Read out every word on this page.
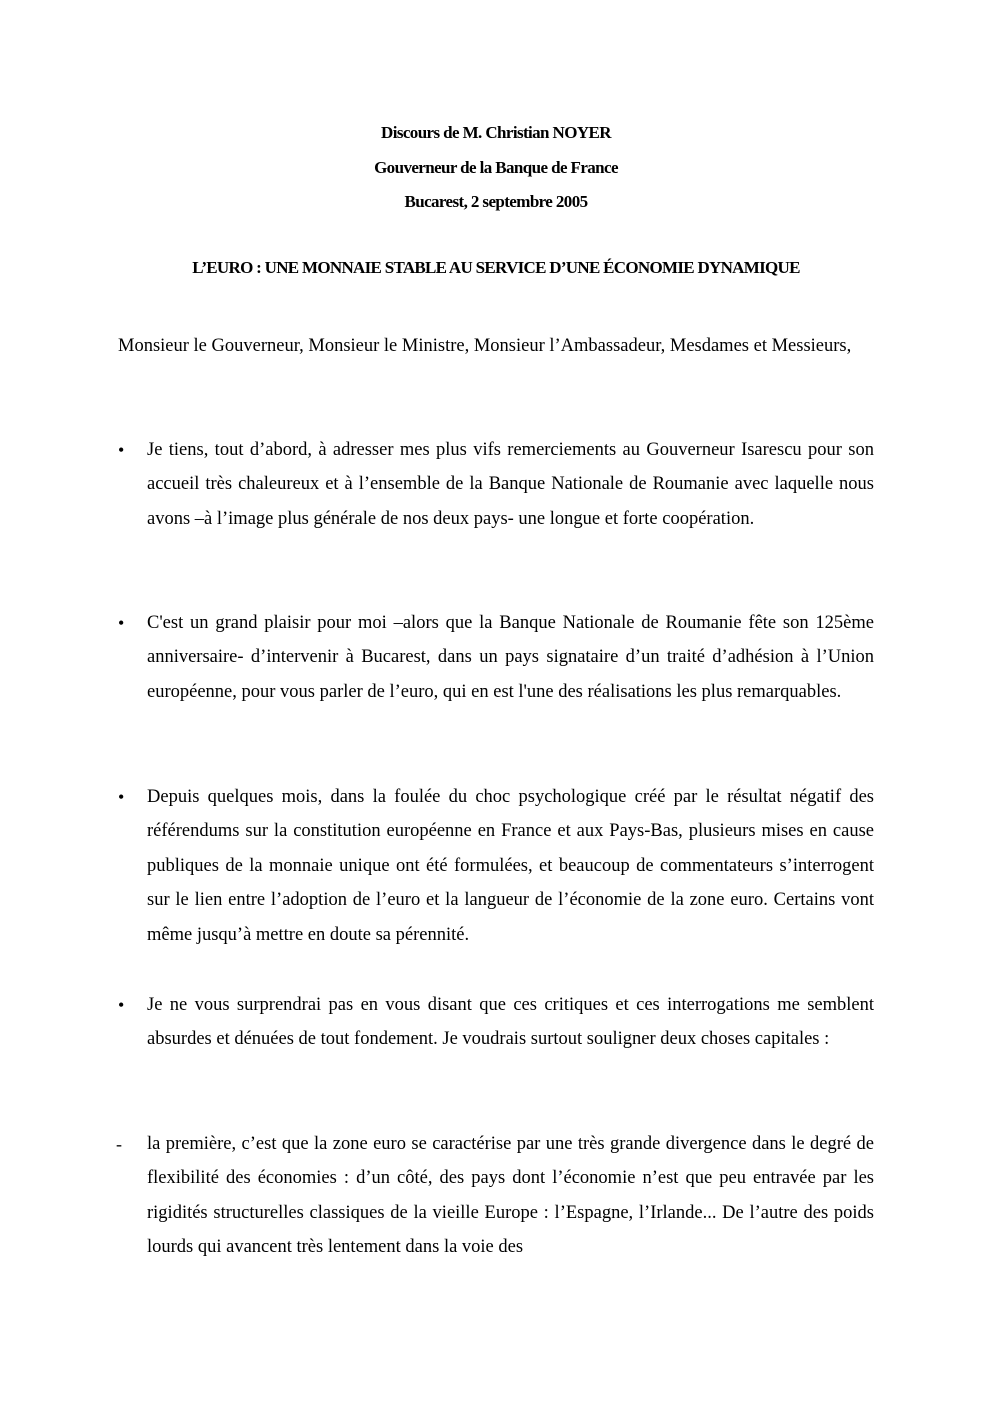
Discours de M. Christian NOYER
Gouverneur de la Banque de France
Bucarest, 2 septembre 2005
L’EURO : UNE MONNAIE STABLE AU SERVICE D’UNE ÉCONOMIE DYNAMIQUE

Monsieur le Gouverneur, Monsieur le Ministre, Monsieur l’Ambassadeur, Mesdames et Messieurs,

•	Je tiens, tout d’abord, à adresser mes plus vifs remerciements au Gouverneur Isarescu pour son accueil très chaleureux et à l’ensemble de la Banque Nationale de Roumanie avec laquelle nous avons –à l’image plus générale de nos deux pays- une longue et forte coopération.
•	C'est un grand plaisir pour moi –alors que la Banque Nationale de Roumanie fête son 125ème anniversaire- d’intervenir à Bucarest, dans un pays signataire d’un traité d’adhésion à l’Union européenne, pour vous parler de l’euro, qui en est l'une des réalisations les plus remarquables.
•	Depuis quelques mois, dans la foulée du choc psychologique créé par le résultat négatif des référendums sur la constitution européenne en France et aux Pays-Bas, plusieurs mises en cause publiques de la monnaie unique ont été formulées, et beaucoup de commentateurs s’interrogent sur le lien entre l’adoption de l’euro et la langueur de l’économie de la zone euro. Certains vont même jusqu’à mettre en doute sa pérennité.
•	Je ne vous surprendrai pas en vous disant que ces critiques et ces interrogations me semblent absurdes et dénuées de tout fondement. Je voudrais surtout souligner deux choses capitales :
-	la première, c’est que la zone euro se caractérise par une très grande divergence dans le degré de flexibilité des économies : d’un côté, des pays dont l’économie n’est que peu entravée par les rigidités structurelles classiques de la vieille Europe : l’Espagne, l’Irlande... De l’autre des poids lourds qui avancent très lentement dans la voie des
